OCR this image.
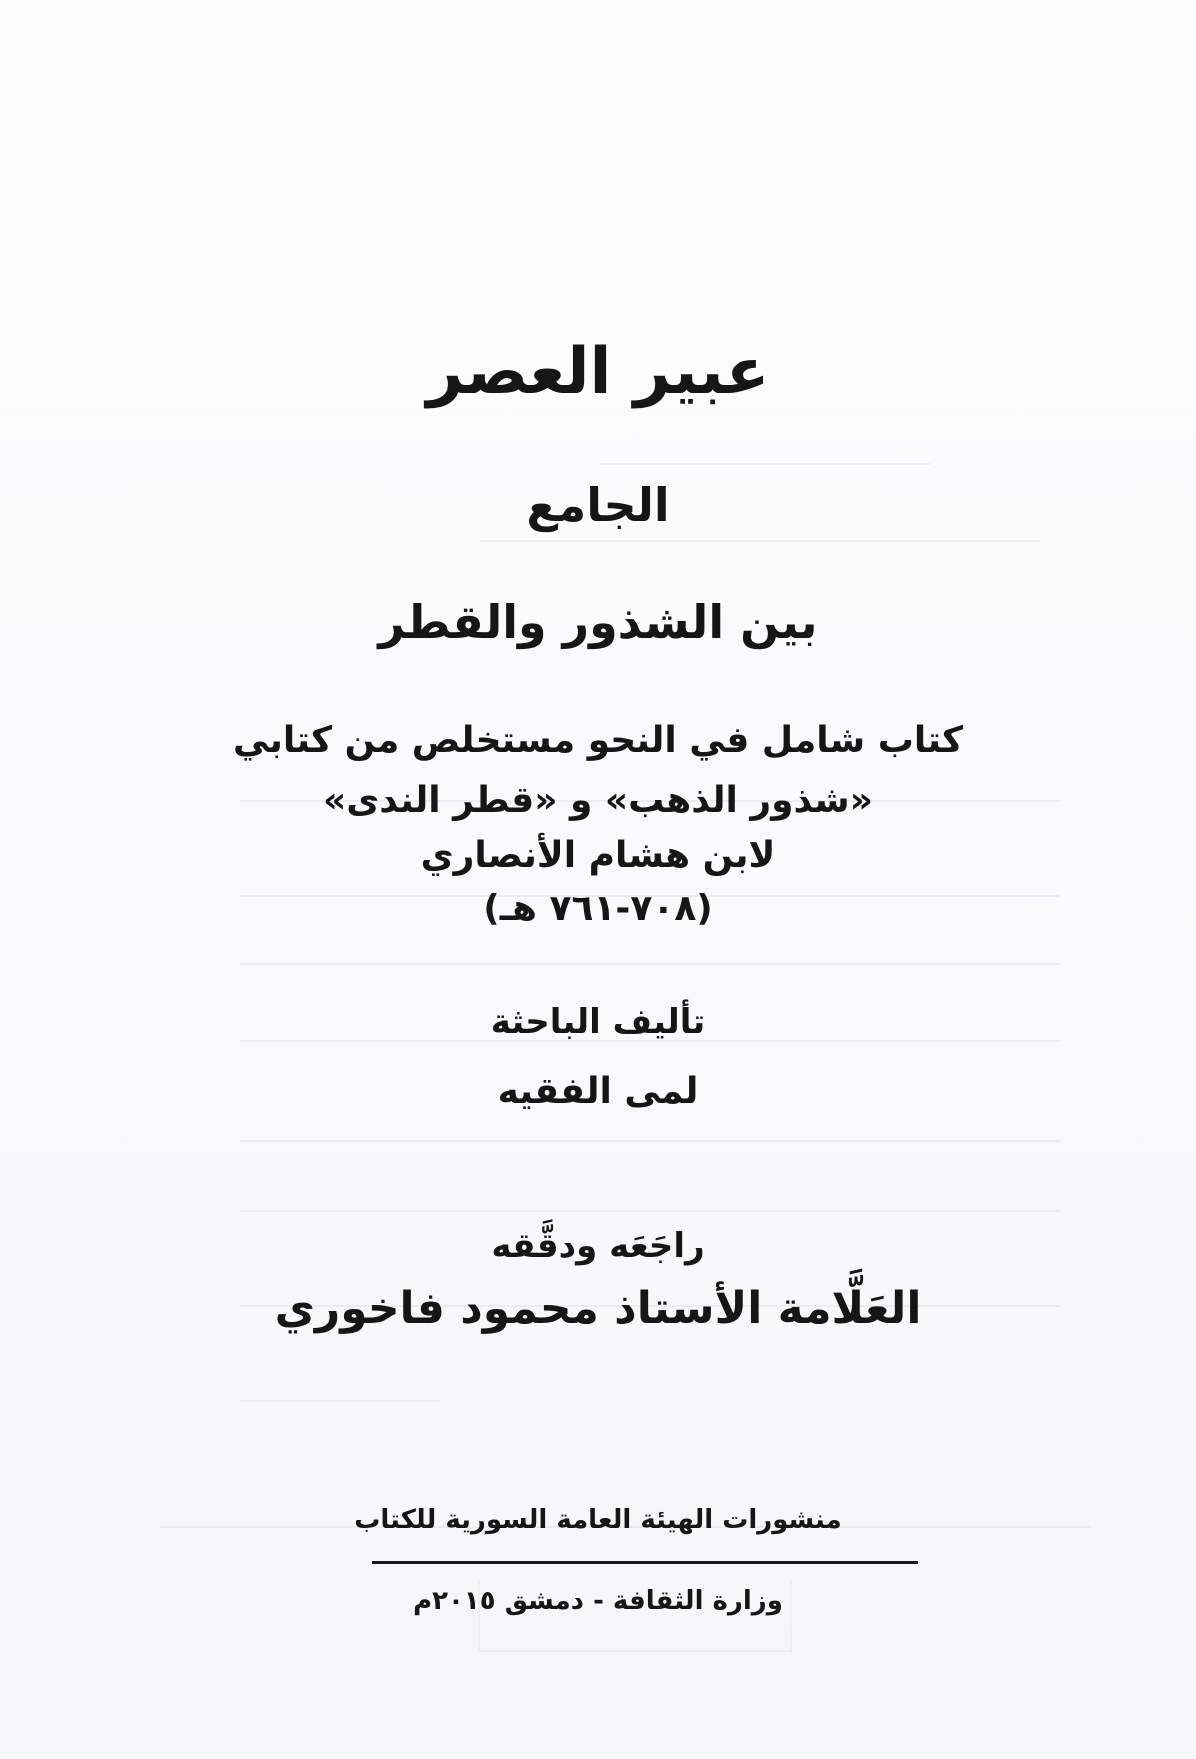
عبير العصر
الجامع
بين الشذور والقطر
كتاب شامل في النحو مستخلص من كتابي
«شذور الذهب» و «قطر الندى»
لابن هشام الأنصاري
(٧٠٨-٧٦١ هـ)
تأليف الباحثة
لمى الفقيه
راجَعَه ودقَّقه
العَلَّامة الأستاذ محمود فاخوري
منشورات الهيئة العامة السورية للكتاب
وزارة الثقافة - دمشق ٢٠١٥م
